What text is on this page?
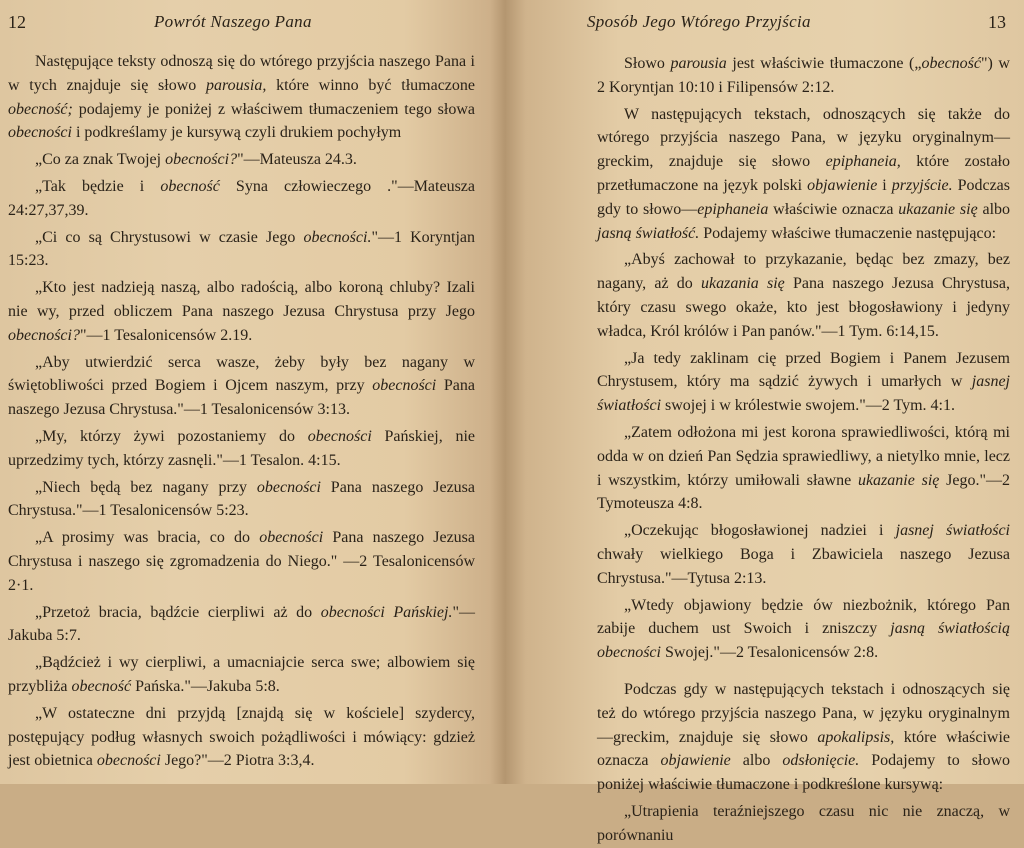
12	Powrót Naszego Pana

Następujące teksty odnoszą się do wtórego przyjścia naszego Pana i w tych znajduje się słowo parousia, które winno być tłumaczone obecność; podajemy je poniżej z właściwem tłumaczeniem tego słowa obecności i podkreślamy je kursywą czyli drukiem pochyłym

„Co za znak Twojej obecności?"—Mateusza 24.3.

„Tak będzie i obecność Syna człowieczego ."—Mateusza 24:27,37,39.

„Ci co są Chrystusowi w czasie Jego obecności."—1 Koryntjan 15:23.

„Kto jest nadzieją naszą, albo radością, albo koroną chluby? Izali nie wy, przed obliczem Pana naszego Jezusa Chrystusa przy Jego obecności?"—1 Tesalonicensów 2.19.

„Aby utwierdzić serca wasze, żeby były bez nagany w świętobliwości przed Bogiem i Ojcem naszym, przy obecności Pana naszego Jezusa Chrystusa."—1 Tesalonicensów 3:13.

„My, którzy żywi pozostaniemy do obecności Pańskiej, nie uprzedzimy tych, którzy zasnęli."—1 Tesalon. 4:15.

„Niech będą bez nagany przy obecności Pana naszego Jezusa Chrystusa."—1 Tesalonicensów 5:23.

„A prosimy was bracia, co do obecności Pana naszego Jezusa Chrystusa i naszego się zgromadzenia do Niego." —2 Tesalonicensów 2·1.

„Przetoż bracia, bądźcie cierpliwi aż do obecności Pańskiej."—Jakuba 5:7.

„Bądźcież i wy cierpliwi, a umacniajcie serca swe; albowiem się przybliża obecność Pańska."—Jakuba 5:8.

„W ostateczne dni przyjdą [znajdą się w kościele] szydercy, postępujący podług własnych swoich pożądliwości i mówiący: gdzież jest obietnica obecności Jego?"—2 Piotra 3:3,4.

Sposób Jego Wtórego Przyjścia	13

Słowo parousia jest właściwie tłumaczone („obecność") w 2 Koryntjan 10:10 i Filipensów 2:12.

W następujących tekstach, odnoszących się także do wtórego przyjścia naszego Pana, w języku oryginalnym—greckim, znajduje się słowo epiphaneia, które zostało przetłumaczone na język polski objawienie i przyjście. Podczas gdy to słowo—epiphaneia właściwie oznacza ukazanie się albo jasną światłość. Podajemy właściwe tłumaczenie następująco:

„Abyś zachował to przykazanie, będąc bez zmazy, bez nagany, aż do ukazania się Pana naszego Jezusa Chrystusa, który czasu swego okaże, kto jest błogosławiony i jedyny władca, Król królów i Pan panów."—1 Tym. 6:14,15.

„Ja tedy zaklinam cię przed Bogiem i Panem Jezusem Chrystusem, który ma sądzić żywych i umarłych w jasnej światłości swojej i w królestwie swojem."—2 Tym. 4:1.

„Zatem odłożona mi jest korona sprawiedliwości, którą mi odda w on dzień Pan Sędzia sprawiedliwy, a nietylko mnie, lecz i wszystkim, którzy umiłowali sławne ukazanie się Jego."—2 Tymoteusza 4:8.

„Oczekując błogosławionej nadziei i jasnej światłości chwały wielkiego Boga i Zbawiciela naszego Jezusa Chrystusa."—Tytusa 2:13.

„Wtedy objawiony będzie ów niezbożnik, którego Pan zabije duchem ust Swoich i zniszczy jasną światłością obecności Swojej."—2 Tesalonicensów 2:8.

Podczas gdy w następujących tekstach i odnoszących się też do wtórego przyjścia naszego Pana, w języku oryginalnym—greckim, znajduje się słowo apokalipsis, które właściwie oznacza objawienie albo odsłonięcie. Podajemy to słowo poniżej właściwie tłumaczone i podkreślone kursywą:

„Utrapienia teraźniejszego czasu nic nie znaczą, w porównaniu
